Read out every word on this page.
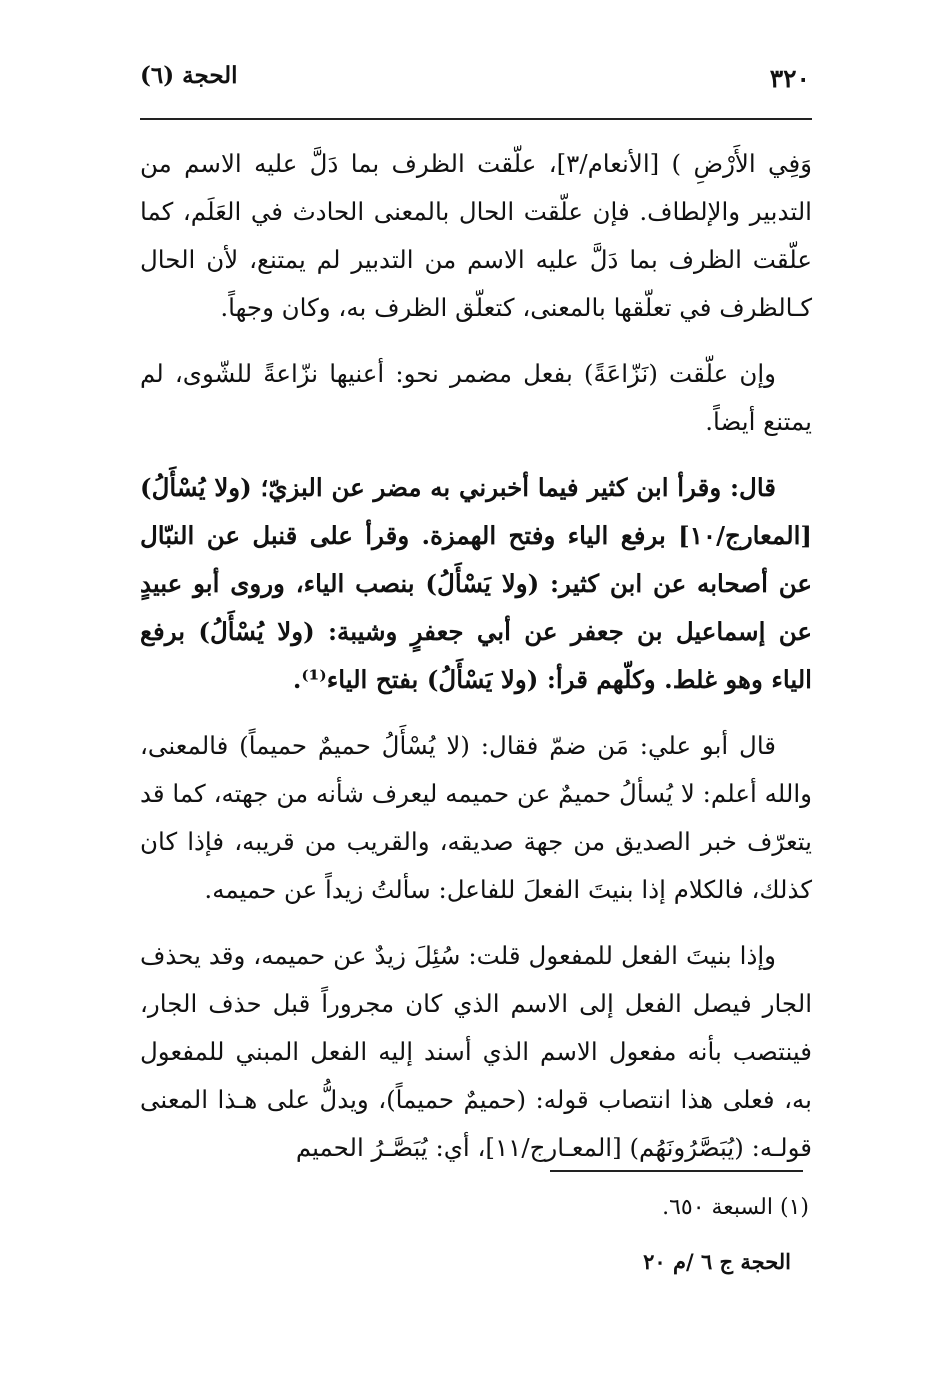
٣٢٠
الحجة (٦)

وَفِي الأَرْضِ ) [الأنعام/٣]، علّقت الظرف بما دَلَّ عليه الاسم من التدبير والإلطاف. فإن علّقت الحال بالمعنى الحادث في العَلَم، كما علّقت الظرف بما دَلَّ عليه الاسم من التدبير لم يمتنع، لأن الحال كـالظرف في تعلّقها بالمعنى، كتعلّق الظرف به، وكان وجهاً.

وإن علّقت (نَزّاعَةً) بفعل مضمر نحو: أعنيها نزّاعةً للشّوى، لم يمتنع أيضاً.

قال: وقرأ ابن كثير فيما أخبرني به مضر عن البزيّ؛ (ولا يُسْأَلُ) [المعارج/١٠] برفع الياء وفتح الهمزة. وقرأ على قنبل عن النبّال عن أصحابه عن ابن كثير: (ولا يَسْأَلُ) بنصب الياء، وروى أبو عبيدٍ عن إسماعيل بن جعفر عن أبي جعفرٍ وشيبة: (ولا يُسْأَلُ) برفع الياء وهو غلط. وكلّهم قرأ: (ولا يَسْأَلُ) بفتح الياء⁽¹⁾.

قال أبو علي: مَن ضمّ فقال: (لا يُسْأَلُ حميمٌ حميماً) فالمعنى، والله أعلم: لا يُسألُ حميمٌ عن حميمه ليعرف شأنه من جهته، كما قد يتعرّف خبر الصديق من جهة صديقه، والقريب من قريبه، فإذا كان كذلك، فالكلام إذا بنيتَ الفعلَ للفاعل: سألتُ زيداً عن حميمه.

وإذا بنيتَ الفعل للمفعول قلت: سُئِلَ زيدٌ عن حميمه، وقد يحذف الجار فيصل الفعل إلى الاسم الذي كان مجروراً قبل حذف الجار، فينتصب بأنه مفعول الاسم الذي أسند إليه الفعل المبني للمفعول به، فعلى هذا انتصاب قوله: (حميمٌ حميماً)، ويدلُّ على هـذا المعنى قولـه: (يُبَصَّرُونَهُم) [المعـارج/١١]، أي: يُبَصَّـرُ الحميم

(١) السبعة ٦٥٠.
الحجة ج ٦ /م ٢٠
